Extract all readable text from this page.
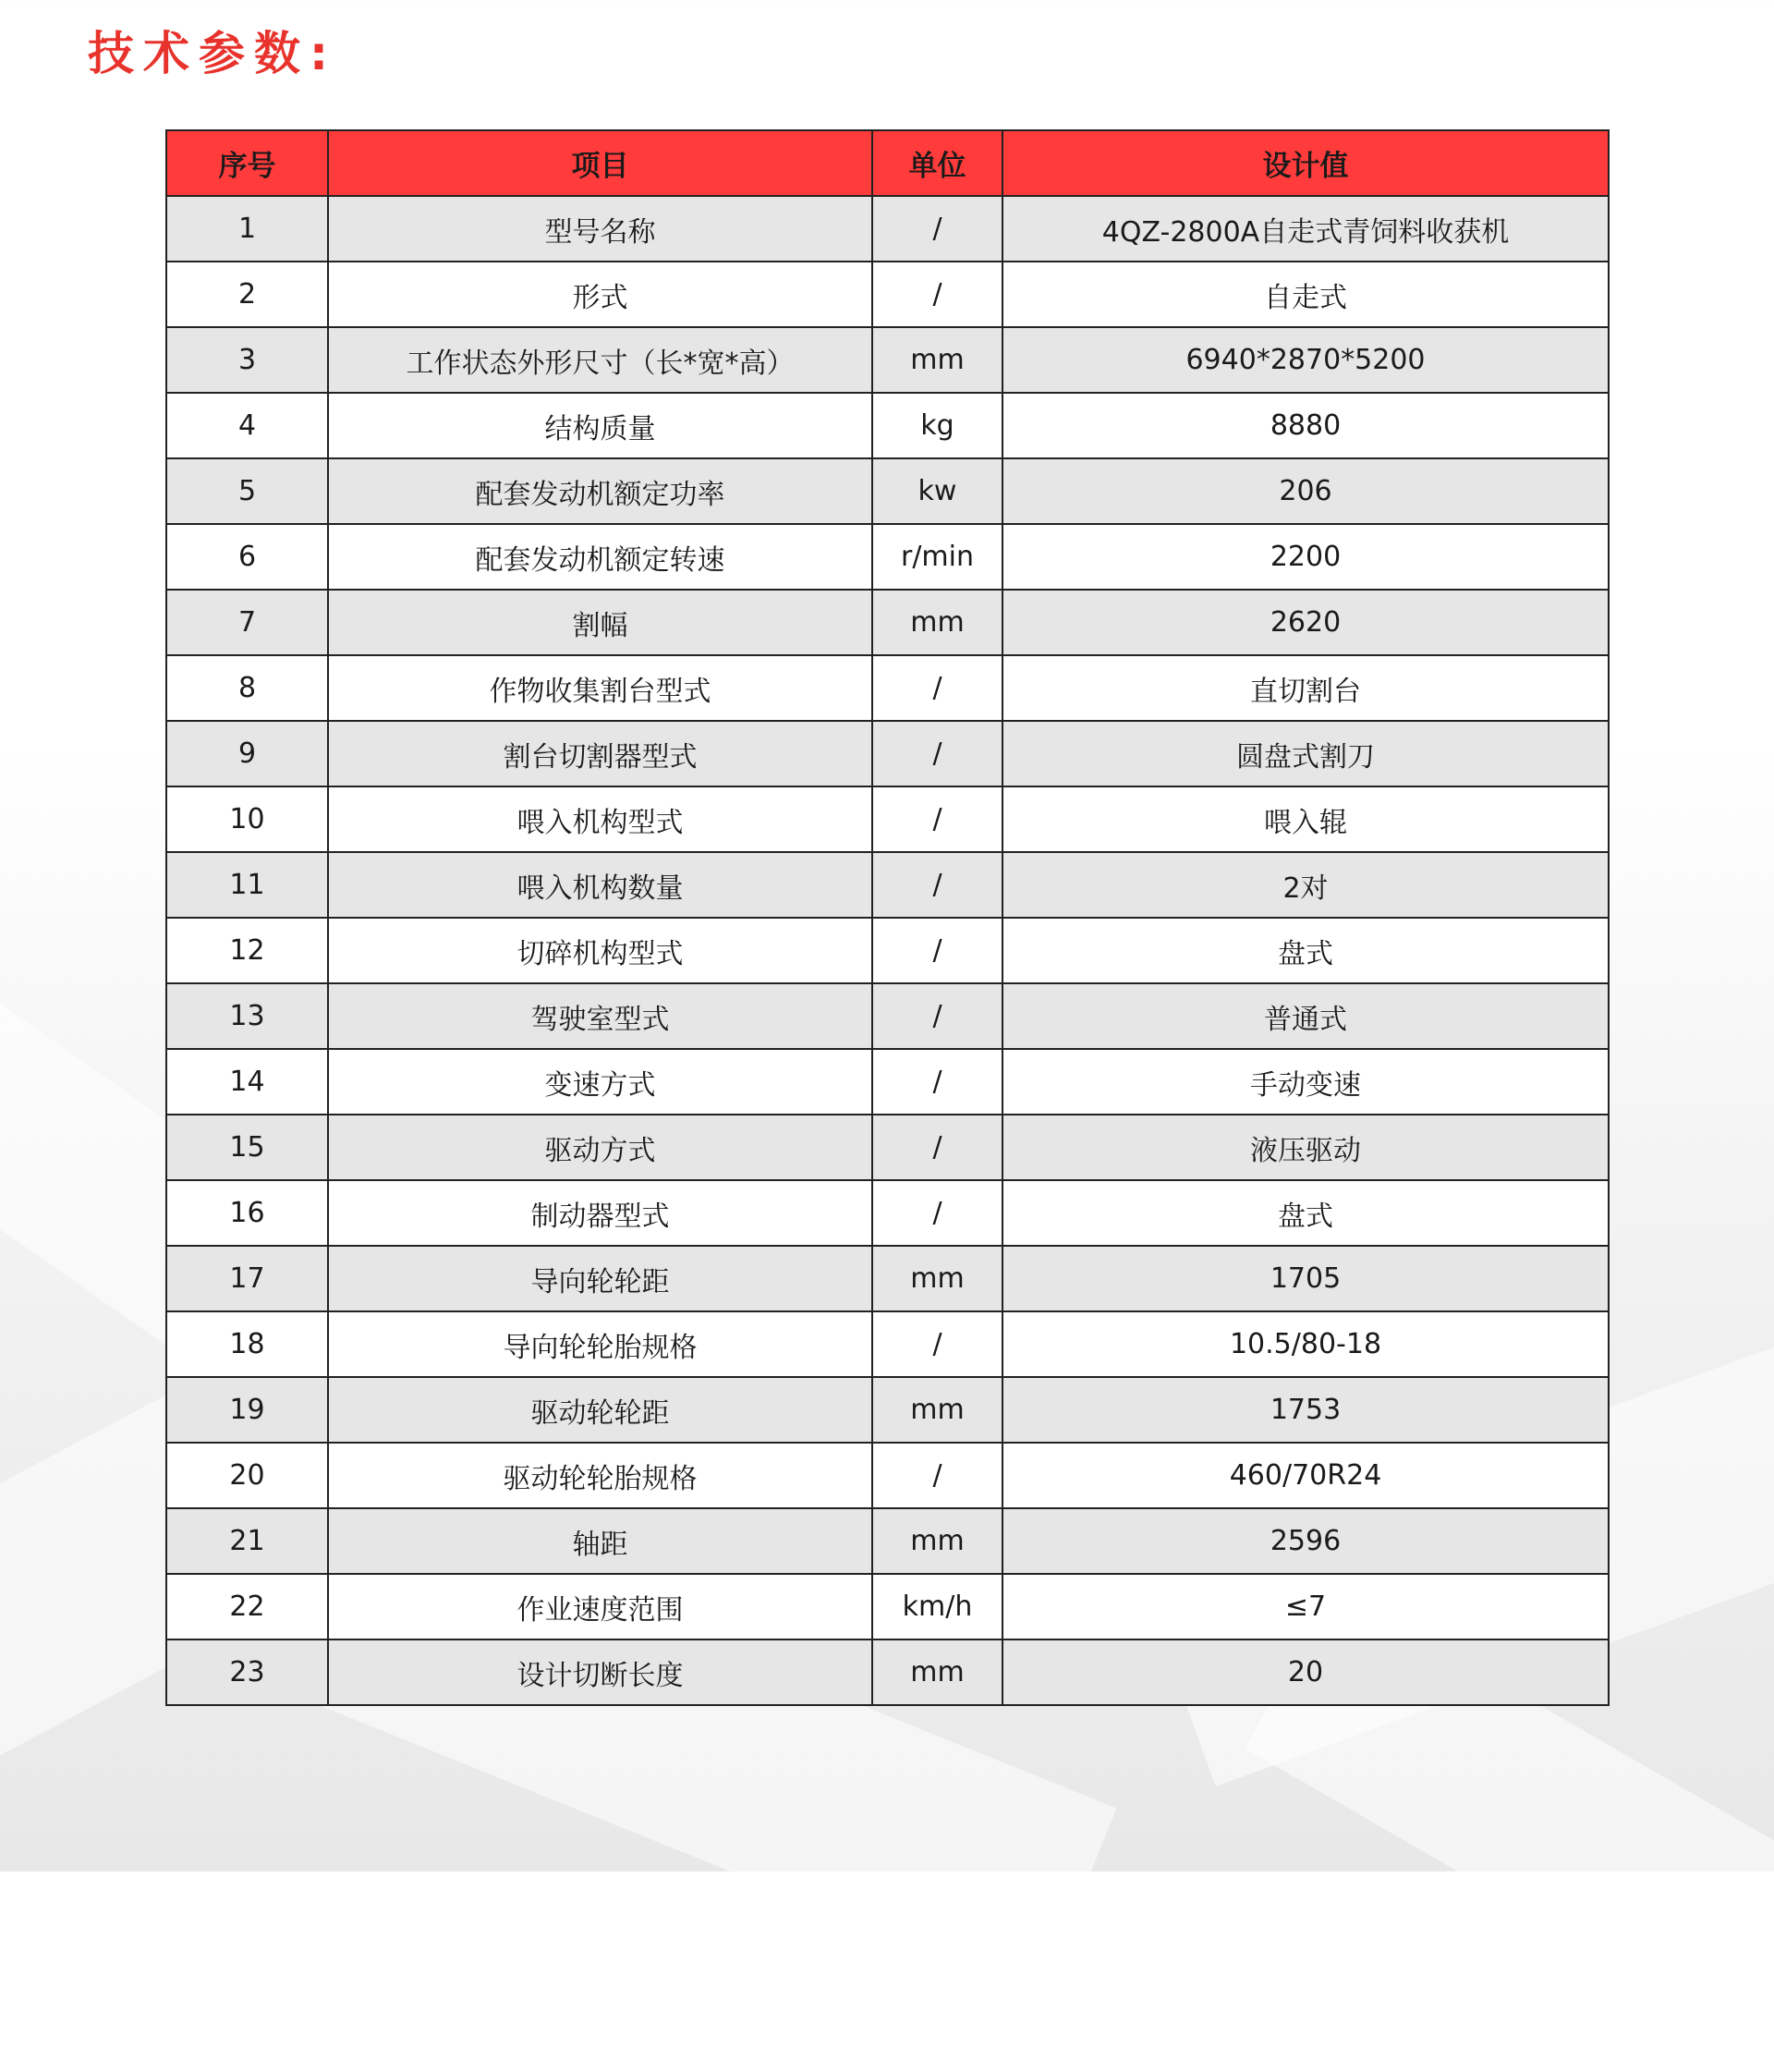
技术参数:
序号	项目	单位	设计值
1	型号名称	/	4QZ-2800A自走式青饲料收获机
2	形式	/	自走式
3	工作状态外形尺寸（长*宽*高）	mm	6940*2870*5200
4	结构质量	kg	8880
5	配套发动机额定功率	kw	206
6	配套发动机额定转速	r/min	2200
7	割幅	mm	2620
8	作物收集割台型式	/	直切割台
9	割台切割器型式	/	圆盘式割刀
10	喂入机构型式	/	喂入辊
11	喂入机构数量	/	2对
12	切碎机构型式	/	盘式
13	驾驶室型式	/	普通式
14	变速方式	/	手动变速
15	驱动方式	/	液压驱动
16	制动器型式	/	盘式
17	导向轮轮距	mm	1705
18	导向轮轮胎规格	/	10.5/80-18
19	驱动轮轮距	mm	1753
20	驱动轮轮胎规格	/	460/70R24
21	轴距	mm	2596
22	作业速度范围	km/h	≤7
23	设计切断长度	mm	20
